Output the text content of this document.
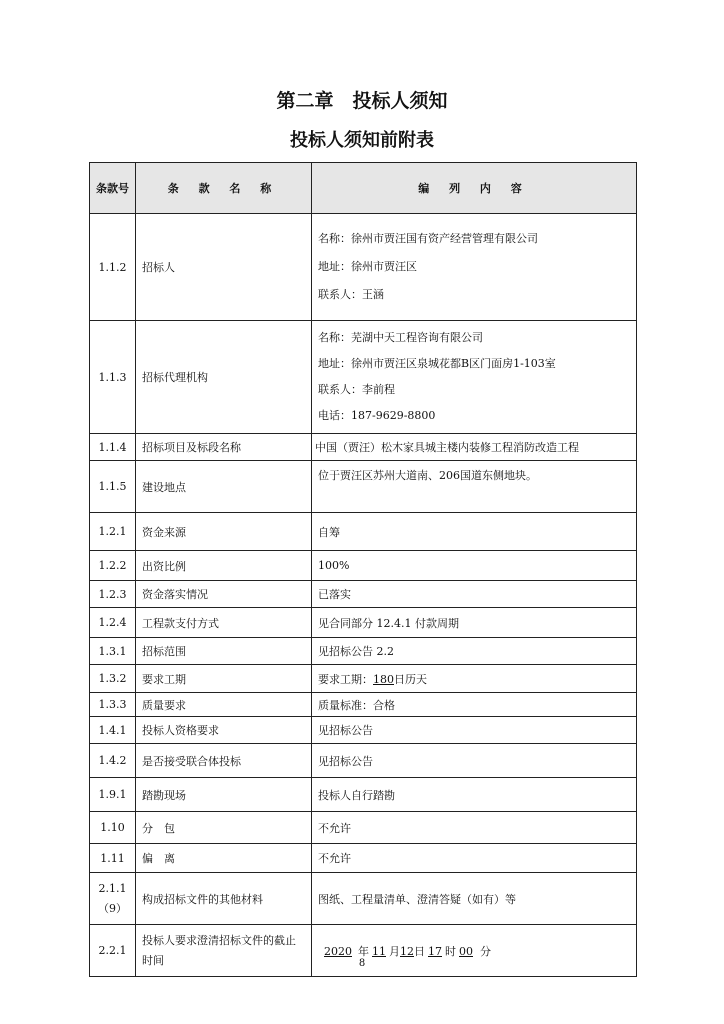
第二章　投标人须知
投标人须知前附表
条款号	条 款 名 称	编 列 内 容
1.1.2	招标人	名称：徐州市贾汪国有资产经营管理有限公司
地址：徐州市贾汪区
联系人：王涵

1.1.3	招标代理机构	名称：芜湖中天工程咨询有限公司
地址：徐州市贾汪区泉城花都B区门面房1-103室
联系人：李前程
电话：187-9629-8800

1.1.4	招标项目及标段名称	中国（贾汪）松木家具城主楼内装修工程消防改造工程
1.1.5	建设地点	位于贾汪区苏州大道南、206国道东侧地块。
1.2.1	资金来源	自筹
1.2.2	出资比例	100%
1.2.3	资金落实情况	已落实
1.2.4	工程款支付方式	见合同部分 12.4.1 付款周期
1.3.1	招标范围	见招标公告 2.2
1.3.2	要求工期	要求工期：180日历天
1.3.3	质量要求	质量标准：合格
1.4.1	投标人资格要求	见招标公告
1.4.2	是否接受联合体投标	见招标公告
1.9.1	踏勘现场	投标人自行踏勘
1.10	分　包	不允许
1.11	偏　离	不允许

2.1.1
（9）	构成招标文件的其他材料	图纸、工程量清单、澄清答疑（如有）等
2.2.1	投标人要求澄清招标文件的截止时间	2020 年 11 月12日 17 时 00 分
8
